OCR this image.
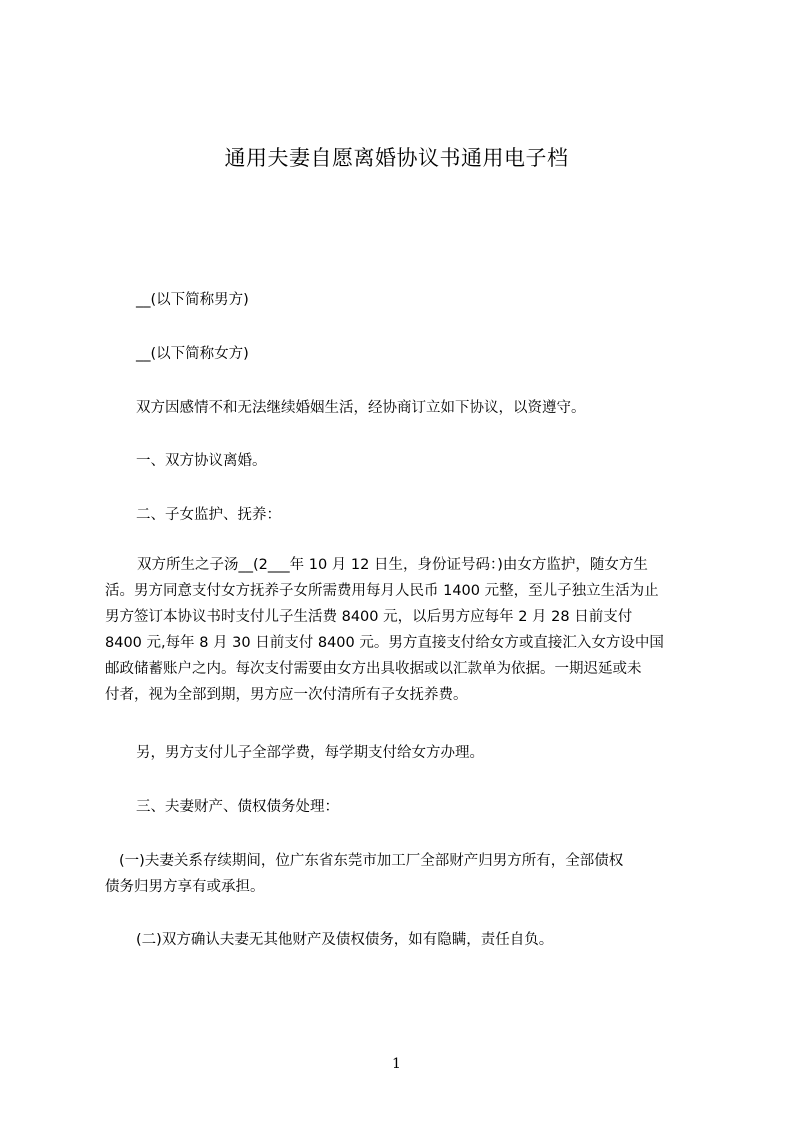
通用夫妻自愿离婚协议书通用电子档

__(以下简称男方)

__(以下简称女方)

双方因感情不和无法继续婚姻生活，经协商订立如下协议，以资遵守。

一、双方协议离婚。

二、子女监护、抚养：

双方所生之子汤__(2___年 10 月 12 日生，身份证号码：)由女方监护，随女方生
活。男方同意支付女方抚养子女所需费用每月人民币 1400 元整，至儿子独立生活为止
男方签订本协议书时支付儿子生活费 8400 元，以后男方应每年 2 月 28 日前支付
8400 元,每年 8 月 30 日前支付 8400 元。男方直接支付给女方或直接汇入女方设中国
邮政储蓄账户之内。每次支付需要由女方出具收据或以汇款单为依据。一期迟延或未
付者，视为全部到期，男方应一次付清所有子女抚养费。

另，男方支付儿子全部学费，每学期支付给女方办理。

三、夫妻财产、债权债务处理：

(一)夫妻关系存续期间，位广东省东莞市加工厂全部财产归男方所有，全部债权
债务归男方享有或承担。

(二)双方确认夫妻无其他财产及债权债务，如有隐瞒，责任自负。

1
